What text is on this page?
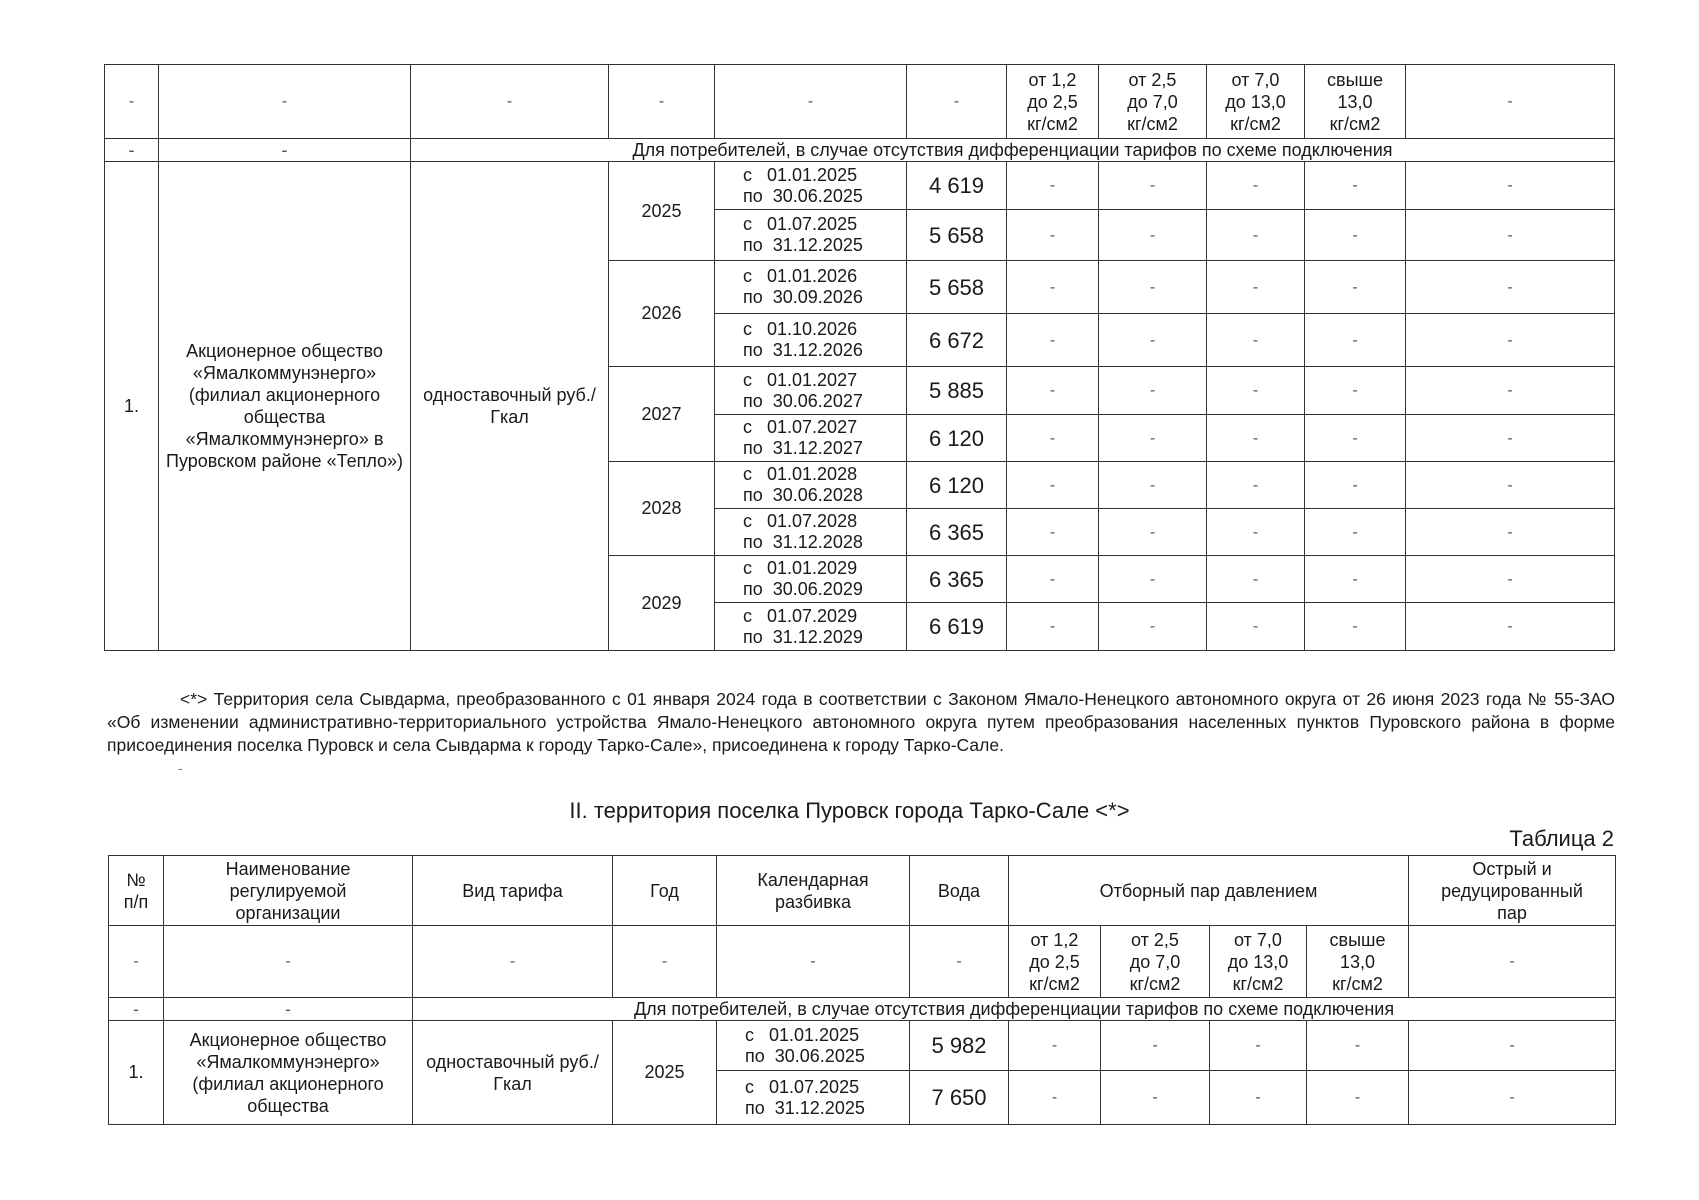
-	-	-	-	-	-	от 1,2
до 2,5
кг/см2	от 2,5
до 7,0
кг/см2	от 7,0
до 13,0
кг/см2	свыше
13,0
кг/см2	-
-	-	Для потребителей, в случае отсутствия дифференциации тарифов по схеме подключения								
1.	Акционерное общество «Ямалкоммунэнерго» (филиал акционерного общества «Ямалкоммунэнерго» в Пуровском районе «Тепло»)	одноставочный руб./Гкал	2025	с   01.01.2025
по  30.06.2025	4 619	-	-	-	-	-

				с   01.07.2025
по  31.12.2025	5 658	-	-	-	-	-
			2026	с   01.01.2026
по  30.09.2026	5 658	-	-	-	-	-

				с   01.10.2026
по  31.12.2026	6 672	-	-	-	-	-
			2027	с   01.01.2027
по  30.06.2027	5 885	-	-	-	-	-

				с   01.07.2027
по  31.12.2027	6 120	-	-	-	-	-
			2028	с   01.01.2028
по  30.06.2028	6 120	-	-	-	-	-

				с   01.07.2028
по  31.12.2028	6 365	-	-	-	-	-
			2029	с   01.01.2029
по  30.06.2029	6 365	-	-	-	-	-

				с   01.07.2029
по  31.12.2029	6 619	-	-	-	-	-

<*> Территория села Сывдарма, преобразованного с 01 января 2024 года в соответствии с Законом Ямало-Ненецкого автономного округа от 26 июня 2023 года № 55-ЗАО «Об изменении административно-территориального устройства Ямало-Ненецкого автономного округа путем преобразования населенных пунктов Пуровского района в форме присоединения поселка Пуровск и села Сывдарма к городу Тарко-Сале», присоединена к городу Тарко-Сале.

-
II. территория поселка Пуровск города Тарко-Сале <*>

Таблица 2

№
п/п	Наименование
регулируемой
организации	Вид тарифа	Год	Календарная
разбивка	Вода	Отборный пар давлением				Острый и
редуцированный
пар
-	-	-	-	-	-	от 1,2
до 2,5
кг/см2	от 2,5
до 7,0
кг/см2	от 7,0
до 13,0
кг/см2	свыше
13,0
кг/см2	-
-	-	Для потребителей, в случае отсутствия дифференциации тарифов по схеме подключения								
1.	Акционерное общество «Ямалкоммунэнерго» (филиал акционерного общества	одноставочный руб./Гкал	2025	с   01.01.2025
по  30.06.2025	5 982	-	-	-	-	-

				с   01.07.2025
по  31.12.2025	7 650	-	-	-	-	-
